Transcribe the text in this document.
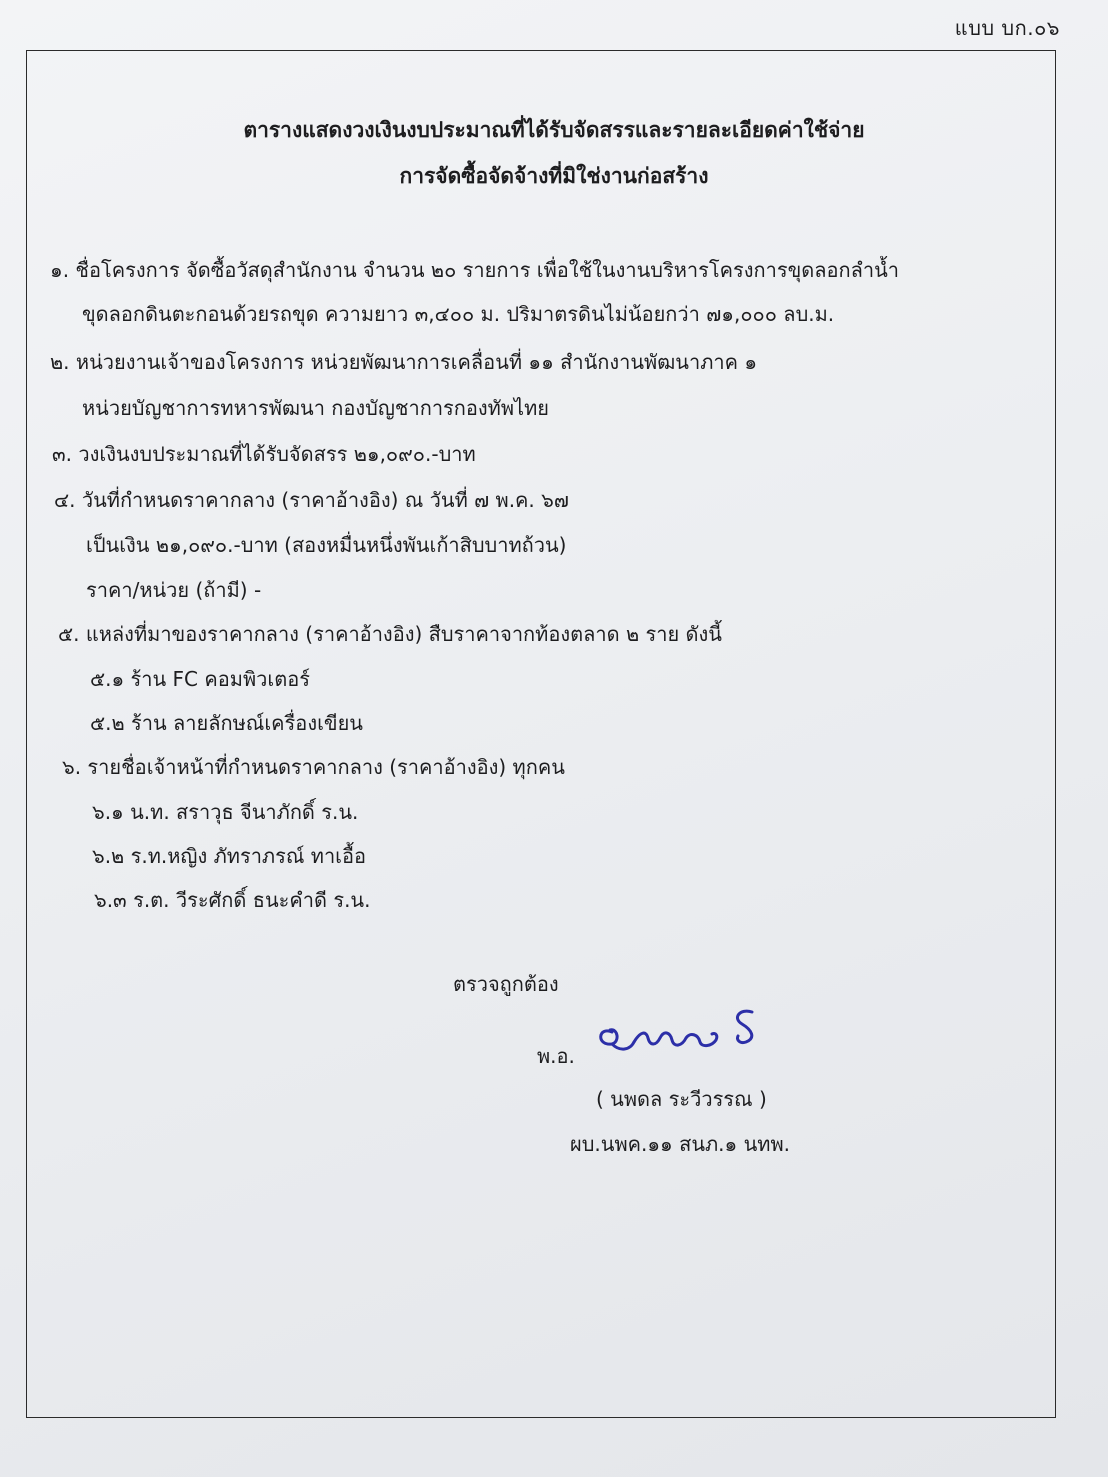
แบบ บก.๐๖
ตารางแสดงวงเงินงบประมาณที่ได้รับจัดสรรและรายละเอียดค่าใช้จ่าย
การจัดซื้อจัดจ้างที่มิใช่งานก่อสร้าง
๑. ชื่อโครงการ จัดซื้อวัสดุสำนักงาน จำนวน ๒๐ รายการ เพื่อใช้ในงานบริหารโครงการขุดลอกลำน้ำ
ขุดลอกดินตะกอนด้วยรถขุด ความยาว ๓,๔๐๐ ม. ปริมาตรดินไม่น้อยกว่า ๗๑,๐๐๐ ลบ.ม.
๒. หน่วยงานเจ้าของโครงการ หน่วยพัฒนาการเคลื่อนที่ ๑๑ สำนักงานพัฒนาภาค ๑
หน่วยบัญชาการทหารพัฒนา กองบัญชาการกองทัพไทย
๓. วงเงินงบประมาณที่ได้รับจัดสรร ๒๑,๐๙๐.-บาท
๔. วันที่กำหนดราคากลาง (ราคาอ้างอิง) ณ วันที่ ๗ พ.ค. ๖๗
เป็นเงิน ๒๑,๐๙๐.-บาท (สองหมื่นหนึ่งพันเก้าสิบบาทถ้วน)
ราคา/หน่วย (ถ้ามี) -
๕. แหล่งที่มาของราคากลาง (ราคาอ้างอิง) สืบราคาจากท้องตลาด ๒ ราย ดังนี้
๕.๑ ร้าน FC คอมพิวเตอร์
๕.๒ ร้าน ลายลักษณ์เครื่องเขียน
๖. รายชื่อเจ้าหน้าที่กำหนดราคากลาง (ราคาอ้างอิง) ทุกคน
๖.๑ น.ท. สราวุธ จีนาภักดิ์ ร.น.
๖.๒ ร.ท.หญิง ภัทราภรณ์ ทาเอื้อ
๖.๓ ร.ต. วีระศักดิ์ ธนะคำดี ร.น.
ตรวจถูกต้อง
พ.อ.
( นพดล ระวีวรรณ )
ผบ.นพค.๑๑ สนภ.๑ นทพ.
